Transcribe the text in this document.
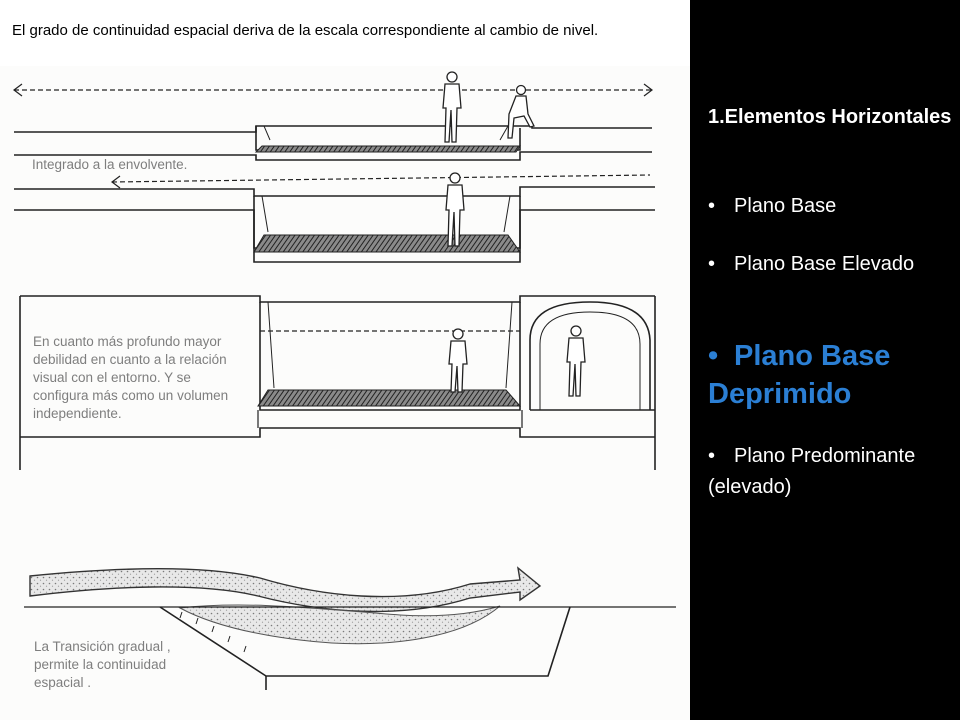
El grado de continuidad espacial deriva de la escala correspondiente al cambio de nivel.

Integrado a la envolvente.

En cuanto más profundo mayor debilidad en cuanto a la relación visual con el entorno. Y se configura más como un volumen independiente.

La Transición gradual , permite la continuidad espacial .

1.Elementos Horizontales

• Plano Base

• Plano Base Elevado

• Plano Base Deprimido

• Plano Predominante (elevado)
